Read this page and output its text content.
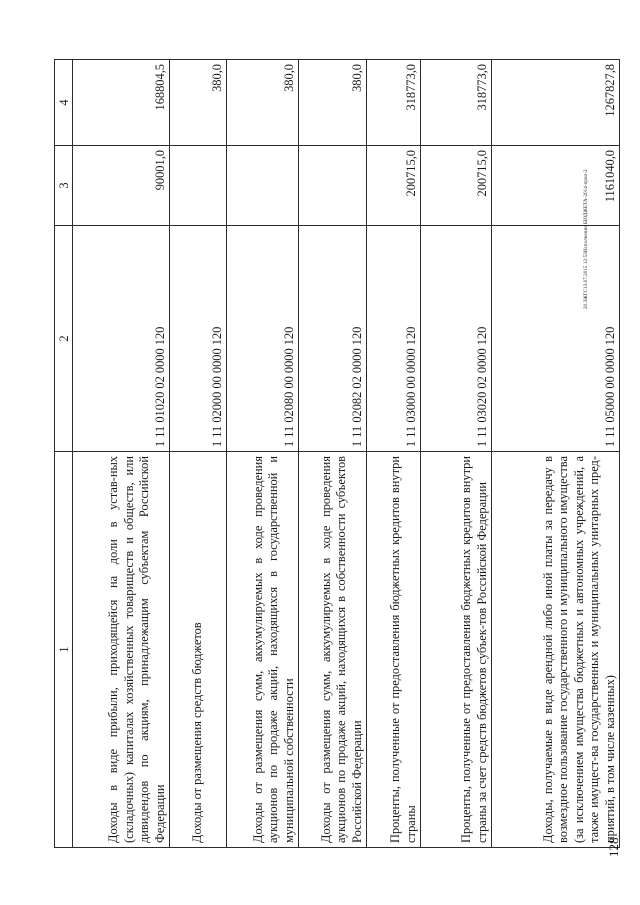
1	2	3	4
Доходы в виде прибыли, приходящейся на доли в устав-ных (складочных) капиталах хозяйственных товариществ и обществ, или дивидендов по акциям, принадлежащим субъектам Российской Федерации	1 11 01020 02 0000 120	90001,0	168804,5
Доходы от размещения средств бюджетов	1 11 02000 00 0000 120		380,0
Доходы от размещения сумм, аккумулируемых в ходе проведения аукционов по продаже акций, находящихся в государственной и муниципальной собственности	1 11 02080 00 0000 120		380,0
Доходы от размещения сумм, аккумулируемых в ходе проведения аукционов по продаже акций, находящихся в собственности субъектов Российской Федерации	1 11 02082 02 0000 120		380,0
Проценты, полученные от предоставления бюджетных кредитов внутри страны	1 11 03000 00 0000 120	200715,0	318773,0
Проценты, полученные от предоставления бюджетных кредитов внутри страны за счет средств бюджетов субъек-тов Российской Федерации	1 11 03020 02 0000 120	200715,0	318773,0
Доходы, получаемые в виде арендной либо иной платы за передачу в возмездное пользование государственного и муниципального имущества (за исключением имущества бюджетных и автономных учреждений, а также имущест-ва государственных и муниципальных унитарных пред-приятий, в том числе казенных)	1 11 05000 00 0000 120	1161040,0	1267827,8
128
20.ЗЖГС13.07.2015 12:53Исполнение БЮДЖЕТА-2014-прил-2
